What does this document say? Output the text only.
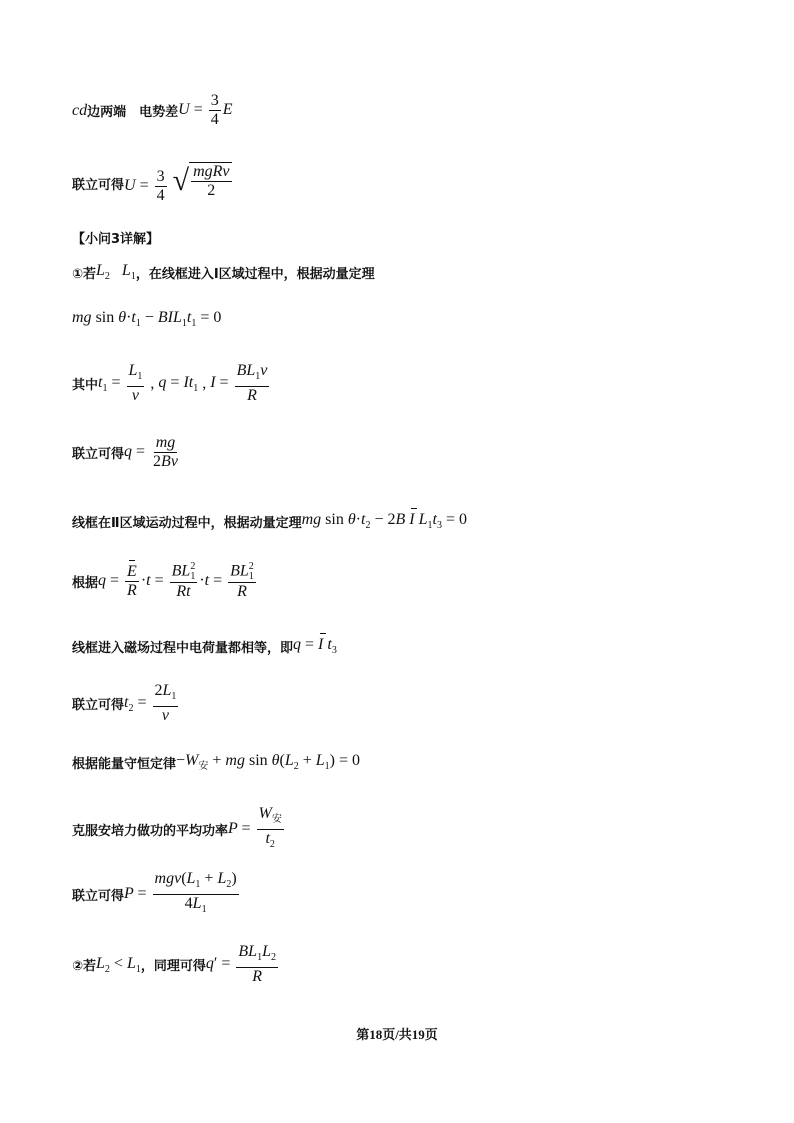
cd 边两端　电势差 $U = \frac{3}{4}$ E
联立可得 $U = \frac{3}{4}$
√ $\frac{\text{mgRv}}{2}$
【小问3详解】
①若 $L_2$   $L_1$ ，在线框进入Ⅰ区域过程中，根据动量定理
mg $\sin \theta\cdot t_1 - BIL_1t_1 = 0$
其中 $t_1 = \frac{L_1}{v}$ , $q = It_1$ , $I = \frac{BL_1v}{R}$
联立可得 $q = \frac{mg}{2Bv}$
线框在Ⅱ区域运动过程中，根据动量定理 mg $\sin \theta\cdot t_2 - 2B$ I $L_1t_3 = 0$
根据 $q = \frac{E}{R} \cdot t$ = BL 2
1
Rt ·t = BL 2
1
R
线框进入磁场过程中电荷量都相等，即 q = I $t_3$
联立可得 $t_2 = \frac{2L_1}{v}$
根据能量守恒定律 $-W_安$ + mg $\sin \theta(L_2 + L_1) = 0$
克服安培力做功的平均功率 $P = \frac{W_安}{t_2}$
联立可得 $P = \frac{mgv(L_1 + L_2)}{4L_1}$
②若 $L_2 < L_1$ ，同理可得 $q' = \frac{BL_1L_2}{R}$
第18页/共19页
